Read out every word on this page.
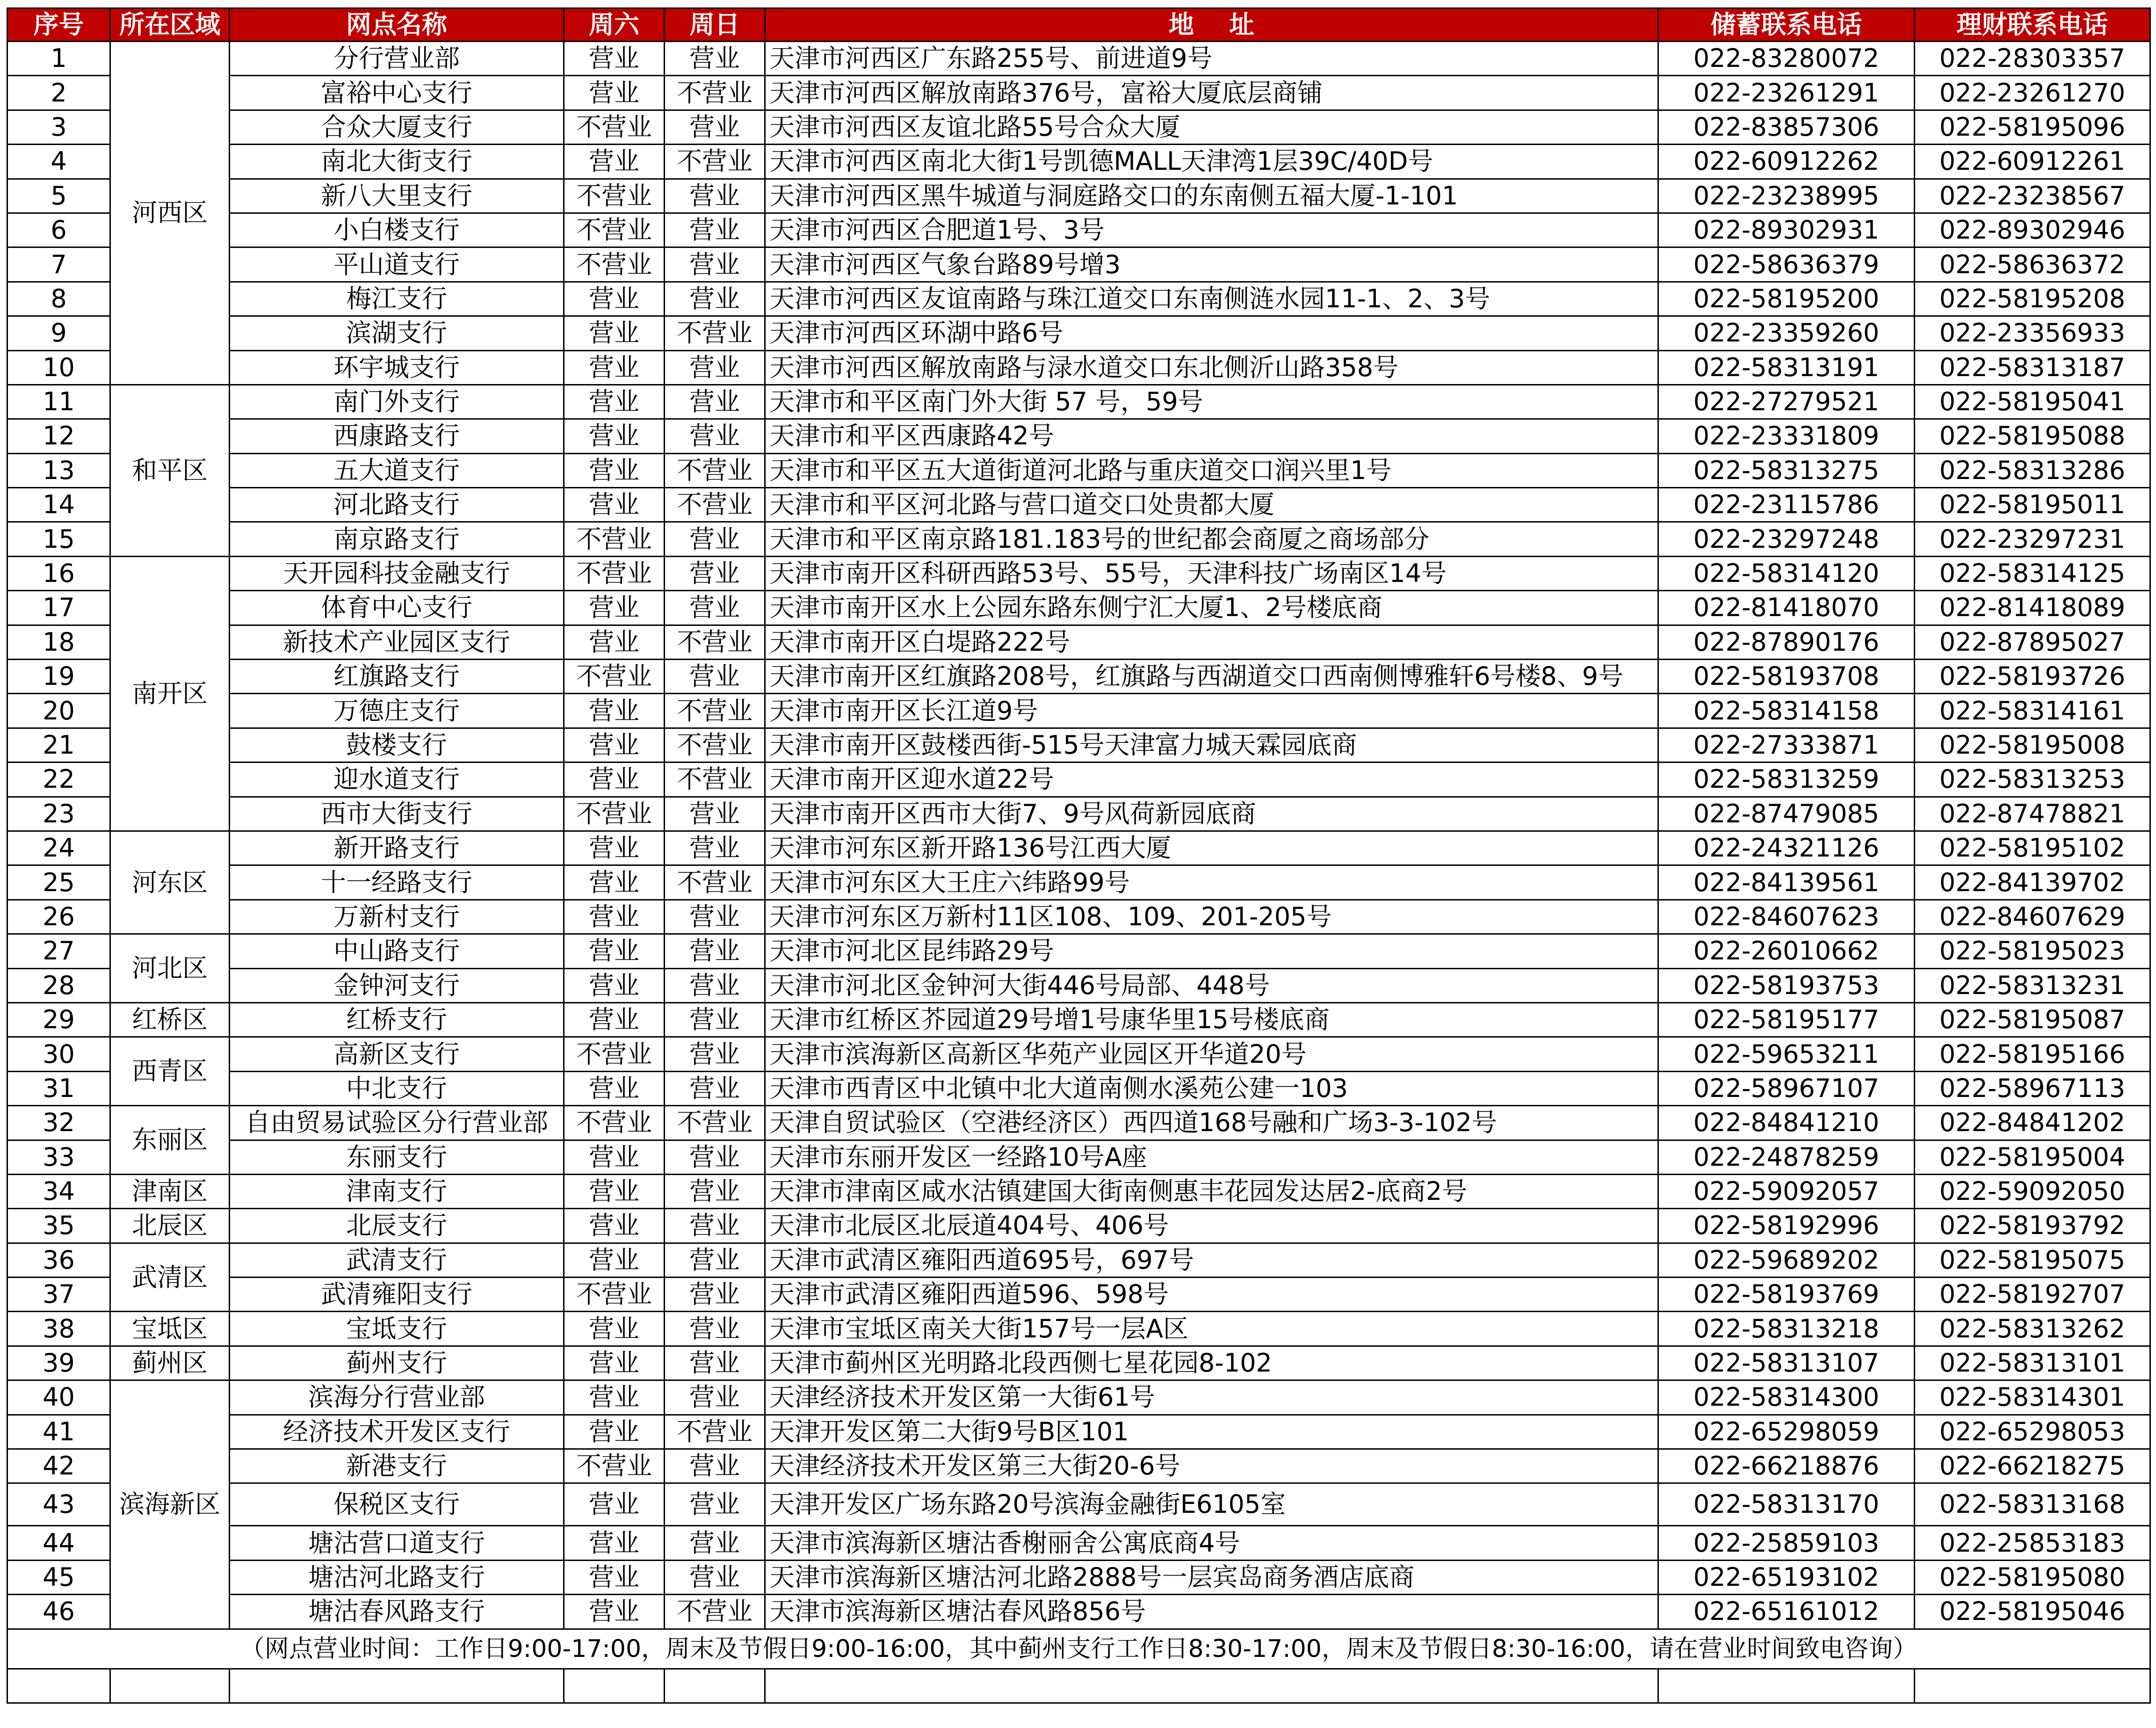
序号	所在区域	网点名称	周六	周日	地    址	储蓄联系电话	理财联系电话
1	河西区	分行营业部	营业	营业	天津市河西区广东路255号、前进道9号	022-83280072	022-28303357
2		富裕中心支行	营业	不营业	天津市河西区解放南路376号，富裕大厦底层商铺	022-23261291	022-23261270
3		合众大厦支行	不营业	营业	天津市河西区友谊北路55号合众大厦	022-83857306	022-58195096
4		南北大街支行	营业	不营业	天津市河西区南北大街1号凯德MALL天津湾1层39C/40D号	022-60912262	022-60912261
5		新八大里支行	不营业	营业	天津市河西区黑牛城道与洞庭路交口的东南侧五福大厦-1-101	022-23238995	022-23238567
6		小白楼支行	不营业	营业	天津市河西区合肥道1号、3号	022-89302931	022-89302946
7		平山道支行	不营业	营业	天津市河西区气象台路89号增3	022-58636379	022-58636372
8		梅江支行	营业	营业	天津市河西区友谊南路与珠江道交口东南侧涟水园11-1、2、3号	022-58195200	022-58195208
9		滨湖支行	营业	不营业	天津市河西区环湖中路6号	022-23359260	022-23356933
10		环宇城支行	营业	营业	天津市河西区解放南路与渌水道交口东北侧沂山路358号	022-58313191	022-58313187
11	和平区	南门外支行	营业	营业	天津市和平区南门外大街 57 号，59号	022-27279521	022-58195041
12		西康路支行	营业	营业	天津市和平区西康路42号	022-23331809	022-58195088
13		五大道支行	营业	不营业	天津市和平区五大道街道河北路与重庆道交口润兴里1号	022-58313275	022-58313286
14		河北路支行	营业	不营业	天津市和平区河北路与营口道交口处贵都大厦	022-23115786	022-58195011
15		南京路支行	不营业	营业	天津市和平区南京路181.183号的世纪都会商厦之商场部分	022-23297248	022-23297231
16	南开区	天开园科技金融支行	不营业	营业	天津市南开区科研西路53号、55号，天津科技广场南区14号	022-58314120	022-58314125
17		体育中心支行	营业	营业	天津市南开区水上公园东路东侧宁汇大厦1、2号楼底商	022-81418070	022-81418089
18		新技术产业园区支行	营业	不营业	天津市南开区白堤路222号	022-87890176	022-87895027
19		红旗路支行	不营业	营业	天津市南开区红旗路208号，红旗路与西湖道交口西南侧博雅轩6号楼8、9号	022-58193708	022-58193726
20		万德庄支行	营业	不营业	天津市南开区长江道9号	022-58314158	022-58314161
21		鼓楼支行	营业	不营业	天津市南开区鼓楼西街-515号天津富力城天霖园底商	022-27333871	022-58195008
22		迎水道支行	营业	不营业	天津市南开区迎水道22号	022-58313259	022-58313253
23		西市大街支行	不营业	营业	天津市南开区西市大街7、9号风荷新园底商	022-87479085	022-87478821
24	河东区	新开路支行	营业	营业	天津市河东区新开路136号江西大厦	022-24321126	022-58195102
25		十一经路支行	营业	不营业	天津市河东区大王庄六纬路99号	022-84139561	022-84139702
26		万新村支行	营业	营业	天津市河东区万新村11区108、109、201-205号	022-84607623	022-84607629
27	河北区	中山路支行	营业	营业	天津市河北区昆纬路29号	022-26010662	022-58195023
28		金钟河支行	营业	营业	天津市河北区金钟河大街446号局部、448号	022-58193753	022-58313231
29	红桥区	红桥支行	营业	营业	天津市红桥区芥园道29号增1号康华里15号楼底商	022-58195177	022-58195087
30	西青区	高新区支行	不营业	营业	天津市滨海新区高新区华苑产业园区开华道20号	022-59653211	022-58195166
31		中北支行	营业	营业	天津市西青区中北镇中北大道南侧水溪苑公建一103	022-58967107	022-58967113
32	东丽区	自由贸易试验区分行营业部	不营业	不营业	天津自贸试验区（空港经济区）西四道168号融和广场3-3-102号	022-84841210	022-84841202
33		东丽支行	营业	营业	天津市东丽开发区一经路10号A座	022-24878259	022-58195004
34	津南区	津南支行	营业	营业	天津市津南区咸水沽镇建国大街南侧惠丰花园发达居2-底商2号	022-59092057	022-59092050
35	北辰区	北辰支行	营业	营业	天津市北辰区北辰道404号、406号	022-58192996	022-58193792
36	武清区	武清支行	营业	营业	天津市武清区雍阳西道695号，697号	022-59689202	022-58195075
37		武清雍阳支行	不营业	营业	天津市武清区雍阳西道596、598号	022-58193769	022-58192707
38	宝坻区	宝坻支行	营业	营业	天津市宝坻区南关大街157号一层A区	022-58313218	022-58313262
39	蓟州区	蓟州支行	营业	营业	天津市蓟州区光明路北段西侧七星花园8-102	022-58313107	022-58313101
40	滨海新区	滨海分行营业部	营业	营业	天津经济技术开发区第一大街61号	022-58314300	022-58314301
41		经济技术开发区支行	营业	不营业	天津开发区第二大街9号B区101	022-65298059	022-65298053
42		新港支行	不营业	营业	天津经济技术开发区第三大街20-6号	022-66218876	022-66218275
43		保税区支行	营业	营业	天津开发区广场东路20号滨海金融街E6105室	022-58313170	022-58313168
44		塘沽营口道支行	营业	营业	天津市滨海新区塘沽香榭丽舍公寓底商4号	022-25859103	022-25853183
45		塘沽河北路支行	营业	营业	天津市滨海新区塘沽河北路2888号一层宾岛商务酒店底商	022-65193102	022-58195080
46		塘沽春风路支行	营业	不营业	天津市滨海新区塘沽春风路856号	022-65161012	022-58195046
（网点营业时间：工作日9:00-17:00，周末及节假日9:00-16:00，其中蓟州支行工作日8:30-17:00，周末及节假日8:30-16:00，请在营业时间致电咨询）							
